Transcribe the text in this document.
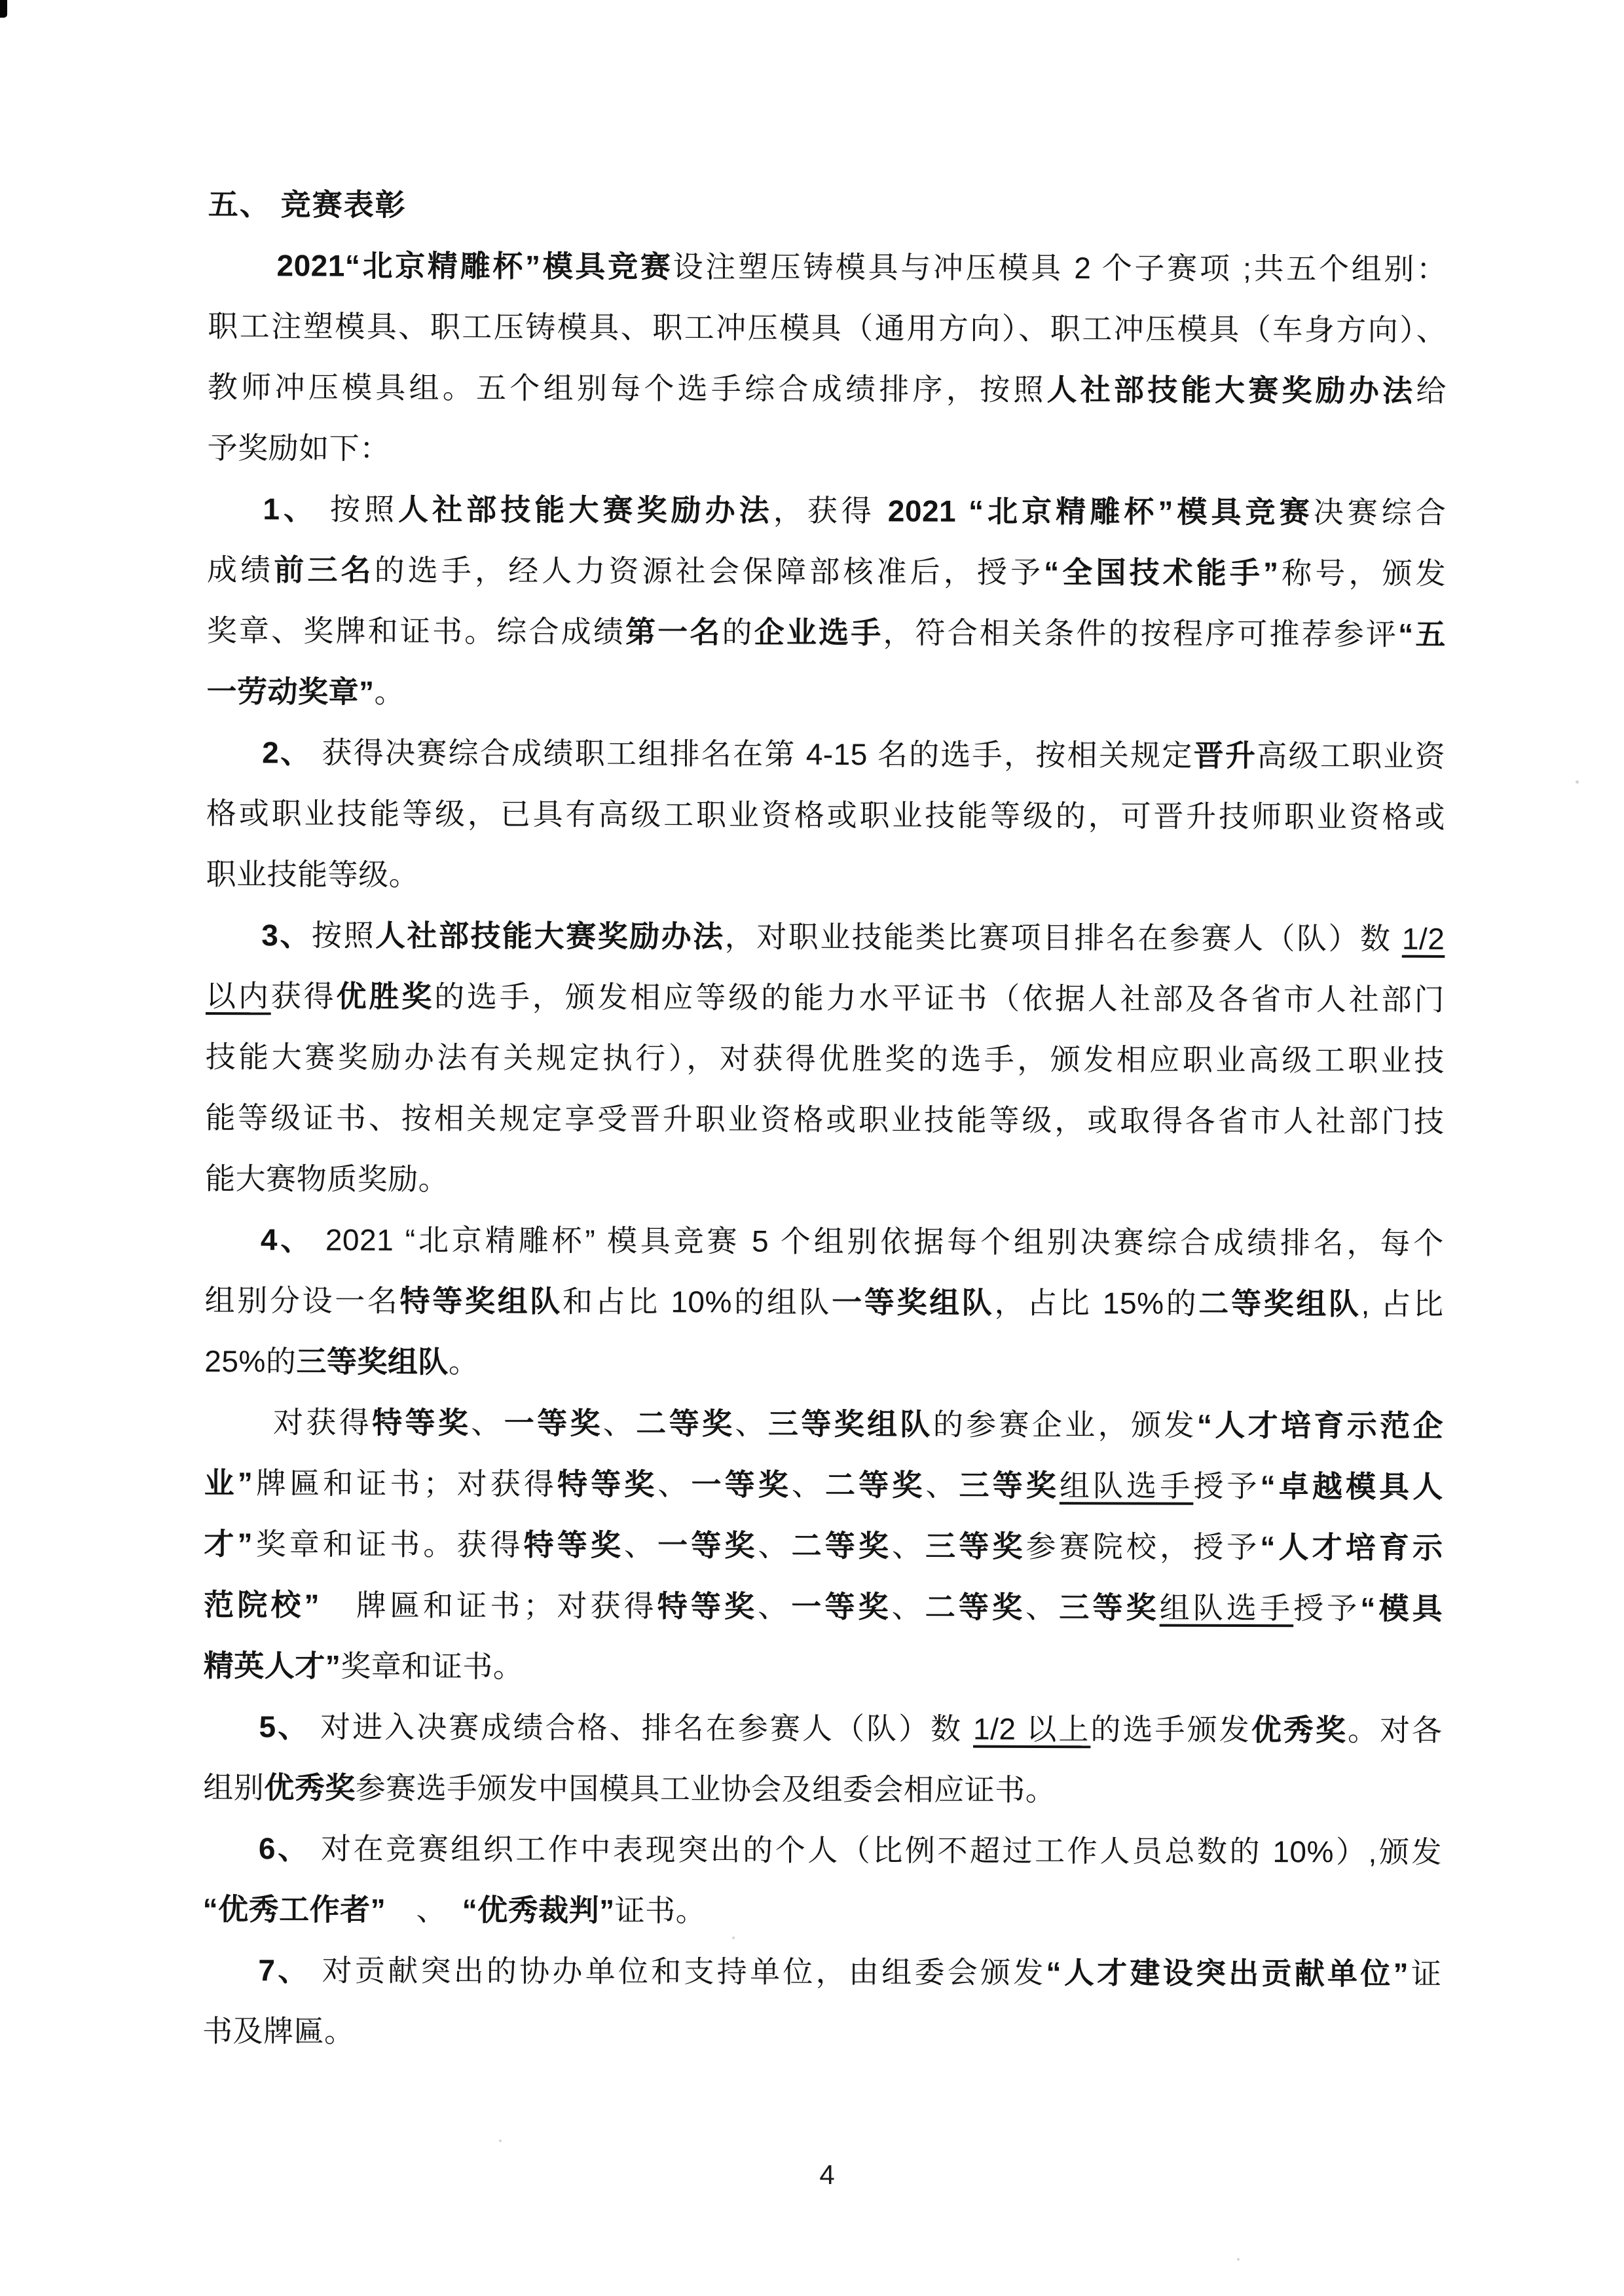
五、 竞赛表彰
2021“北京精雕杯”模具竞赛设注塑压铸模具与冲压模具 2 个子赛项 ;共五个组别：
职工注塑模具、职工压铸模具、职工冲压模具（通用方向）、职工冲压模具（车身方向）、
教师冲压模具组。五个组别每个选手综合成绩排序，按照人社部技能大赛奖励办法给
予奖励如下：
1、 按照人社部技能大赛奖励办法，获得 2021 “北京精雕杯”模具竞赛决赛综合
成绩前三名的选手，经人力资源社会保障部核准后，授予“全国技术能手”称号，颁发
奖章、奖牌和证书。综合成绩第一名的企业选手，符合相关条件的按程序可推荐参评“五
一劳动奖章”。
2、 获得决赛综合成绩职工组排名在第 4-15 名的选手，按相关规定晋升高级工职业资
格或职业技能等级，已具有高级工职业资格或职业技能等级的，可晋升技师职业资格或
职业技能等级。
3、按照人社部技能大赛奖励办法，对职业技能类比赛项目排名在参赛人（队）数 1/2
以内获得优胜奖的选手，颁发相应等级的能力水平证书（依据人社部及各省市人社部门
技能大赛奖励办法有关规定执行），对获得优胜奖的选手，颁发相应职业高级工职业技
能等级证书、按相关规定享受晋升职业资格或职业技能等级，或取得各省市人社部门技
能大赛物质奖励。
4、 2021 “北京精雕杯” 模具竞赛 5 个组别依据每个组别决赛综合成绩排名，每个
组别分设一名特等奖组队和占比 10%的组队一等奖组队，占比 15%的二等奖组队, 占比
25%的三等奖组队。
对获得特等奖、一等奖、二等奖、三等奖组队的参赛企业，颁发“人才培育示范企
业”牌匾和证书；对获得特等奖、一等奖、二等奖、三等奖组队选手授予“卓越模具人
才”奖章和证书。获得特等奖、一等奖、二等奖、三等奖参赛院校，授予“人才培育示
范院校”　牌匾和证书；对获得特等奖、一等奖、二等奖、三等奖组队选手授予“模具
精英人才”奖章和证书。
5、 对进入决赛成绩合格、排名在参赛人（队）数 1/2 以上的选手颁发优秀奖。对各
组别优秀奖参赛选手颁发中国模具工业协会及组委会相应证书。
6、 对在竞赛组织工作中表现突出的个人（比例不超过工作人员总数的 10%）,颁发
“优秀工作者”　、　“优秀裁判”证书。
7、 对贡献突出的协办单位和支持单位，由组委会颁发“人才建设突出贡献单位”证
书及牌匾。
4
